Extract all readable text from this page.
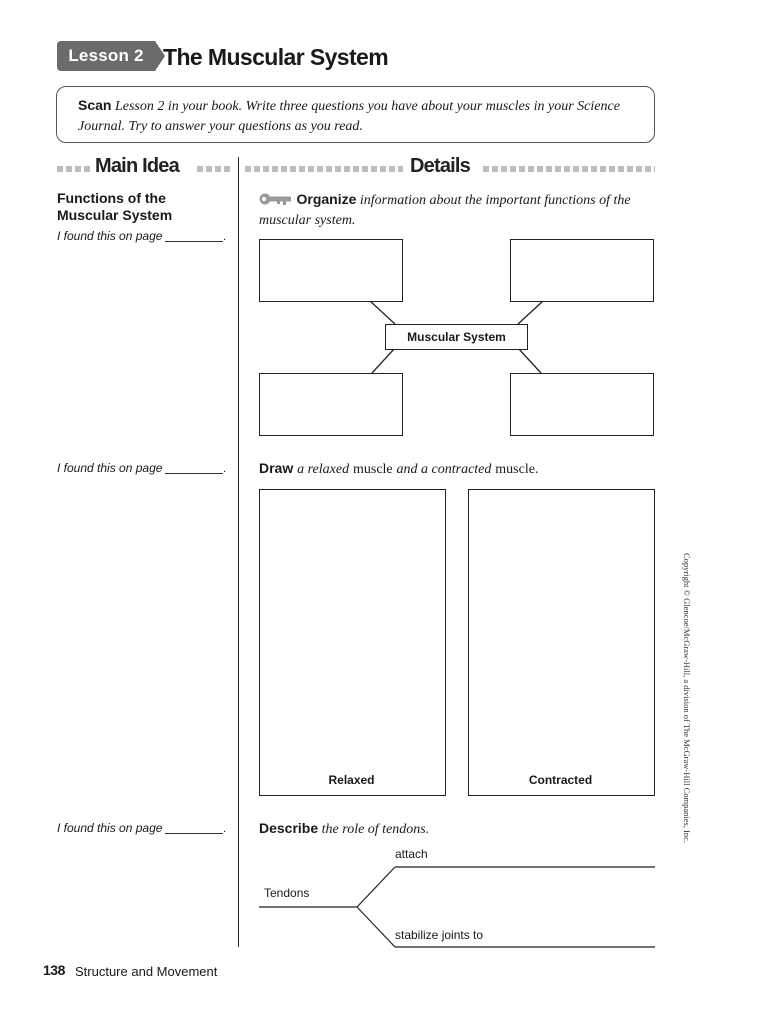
Lesson 2 The Muscular System
Scan Lesson 2 in your book. Write three questions you have about your muscles in your Science Journal. Try to answer your questions as you read.
Main Idea	Details
Functions of the Muscular System
I found this on page	.
Organize information about the important functions of the muscular system.
Muscular System
I found this on page	. Draw a relaxed muscle and a contracted muscle.
Relaxed	Contracted
I found this on page	. Describe the role of tendons.
Tendons
attach
stabilize joints to
Copyright © Glencoe/McGraw-Hill, a division of The McGraw-Hill Companies, Inc.
138 Structure and Movement
